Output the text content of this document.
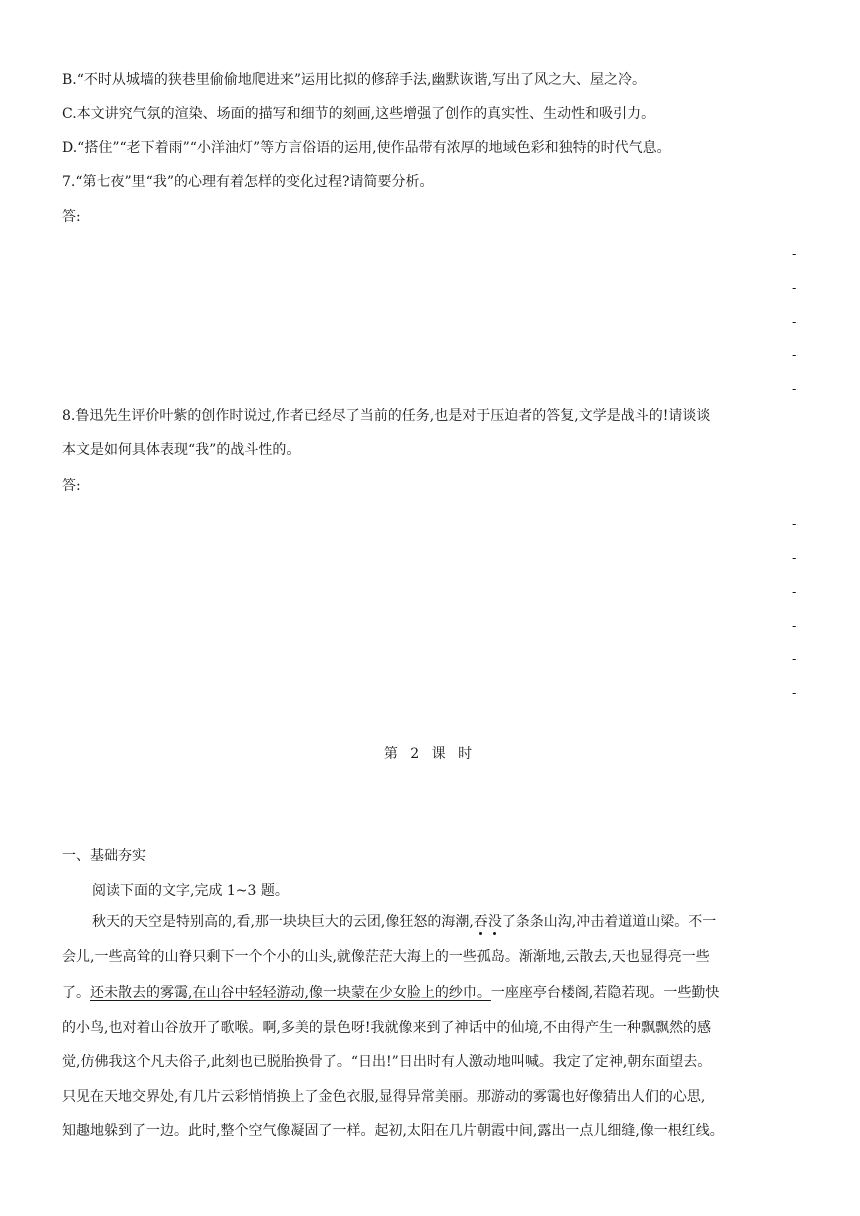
B.“不时从城墙的狭巷里偷偷地爬进来”运用比拟的修辞手法,幽默诙谐,写出了风之大、屋之冷。
C.本文讲究气氛的渲染、场面的描写和细节的刻画,这些增强了创作的真实性、生动性和吸引力。
D.“搭住”“老下着雨”“小洋油灯”等方言俗语的运用,使作品带有浓厚的地域色彩和独特的时代气息。
7.“第七夜”里“我”的心理有着怎样的变化过程?请简要分析。
答:
-
-
-
-
-
8.鲁迅先生评价叶紫的创作时说过,作者已经尽了当前的任务,也是对于压迫者的答复,文学是战斗的!请谈谈
本文是如何具体表现“我”的战斗性的。
答:
-
-
-
-
-
-
第 2 课 时
一、基础夯实
阅读下面的文字,完成 1~3 题。
秋天的天空是特别高的,看,那一块块巨大的云团,像狂怒的海潮,吞没了条条山沟,冲击着道道山梁。不一
会儿,一些高耸的山脊只剩下一个个小的山头,就像茫茫大海上的一些孤岛。渐渐地,云散去,天也显得亮一些
了。还未散去的雾霭,在山谷中轻轻游动,像一块蒙在少女脸上的纱巾。一座座亭台楼阁,若隐若现。一些勤快
的小鸟,也对着山谷放开了歌喉。啊,多美的景色呀!我就像来到了神话中的仙境,不由得产生一种飘飘然的感
觉,仿佛我这个凡夫俗子,此刻也已脱胎换骨了。“日出!”日出时有人激动地叫喊。我定了定神,朝东面望去。
只见在天地交界处,有几片云彩悄悄换上了金色衣服,显得异常美丽。那游动的雾霭也好像猜出人们的心思,
知趣地躲到了一边。此时,整个空气像凝固了一样。起初,太阳在几片朝霞中间,露出一点儿细缝,像一根红线。
